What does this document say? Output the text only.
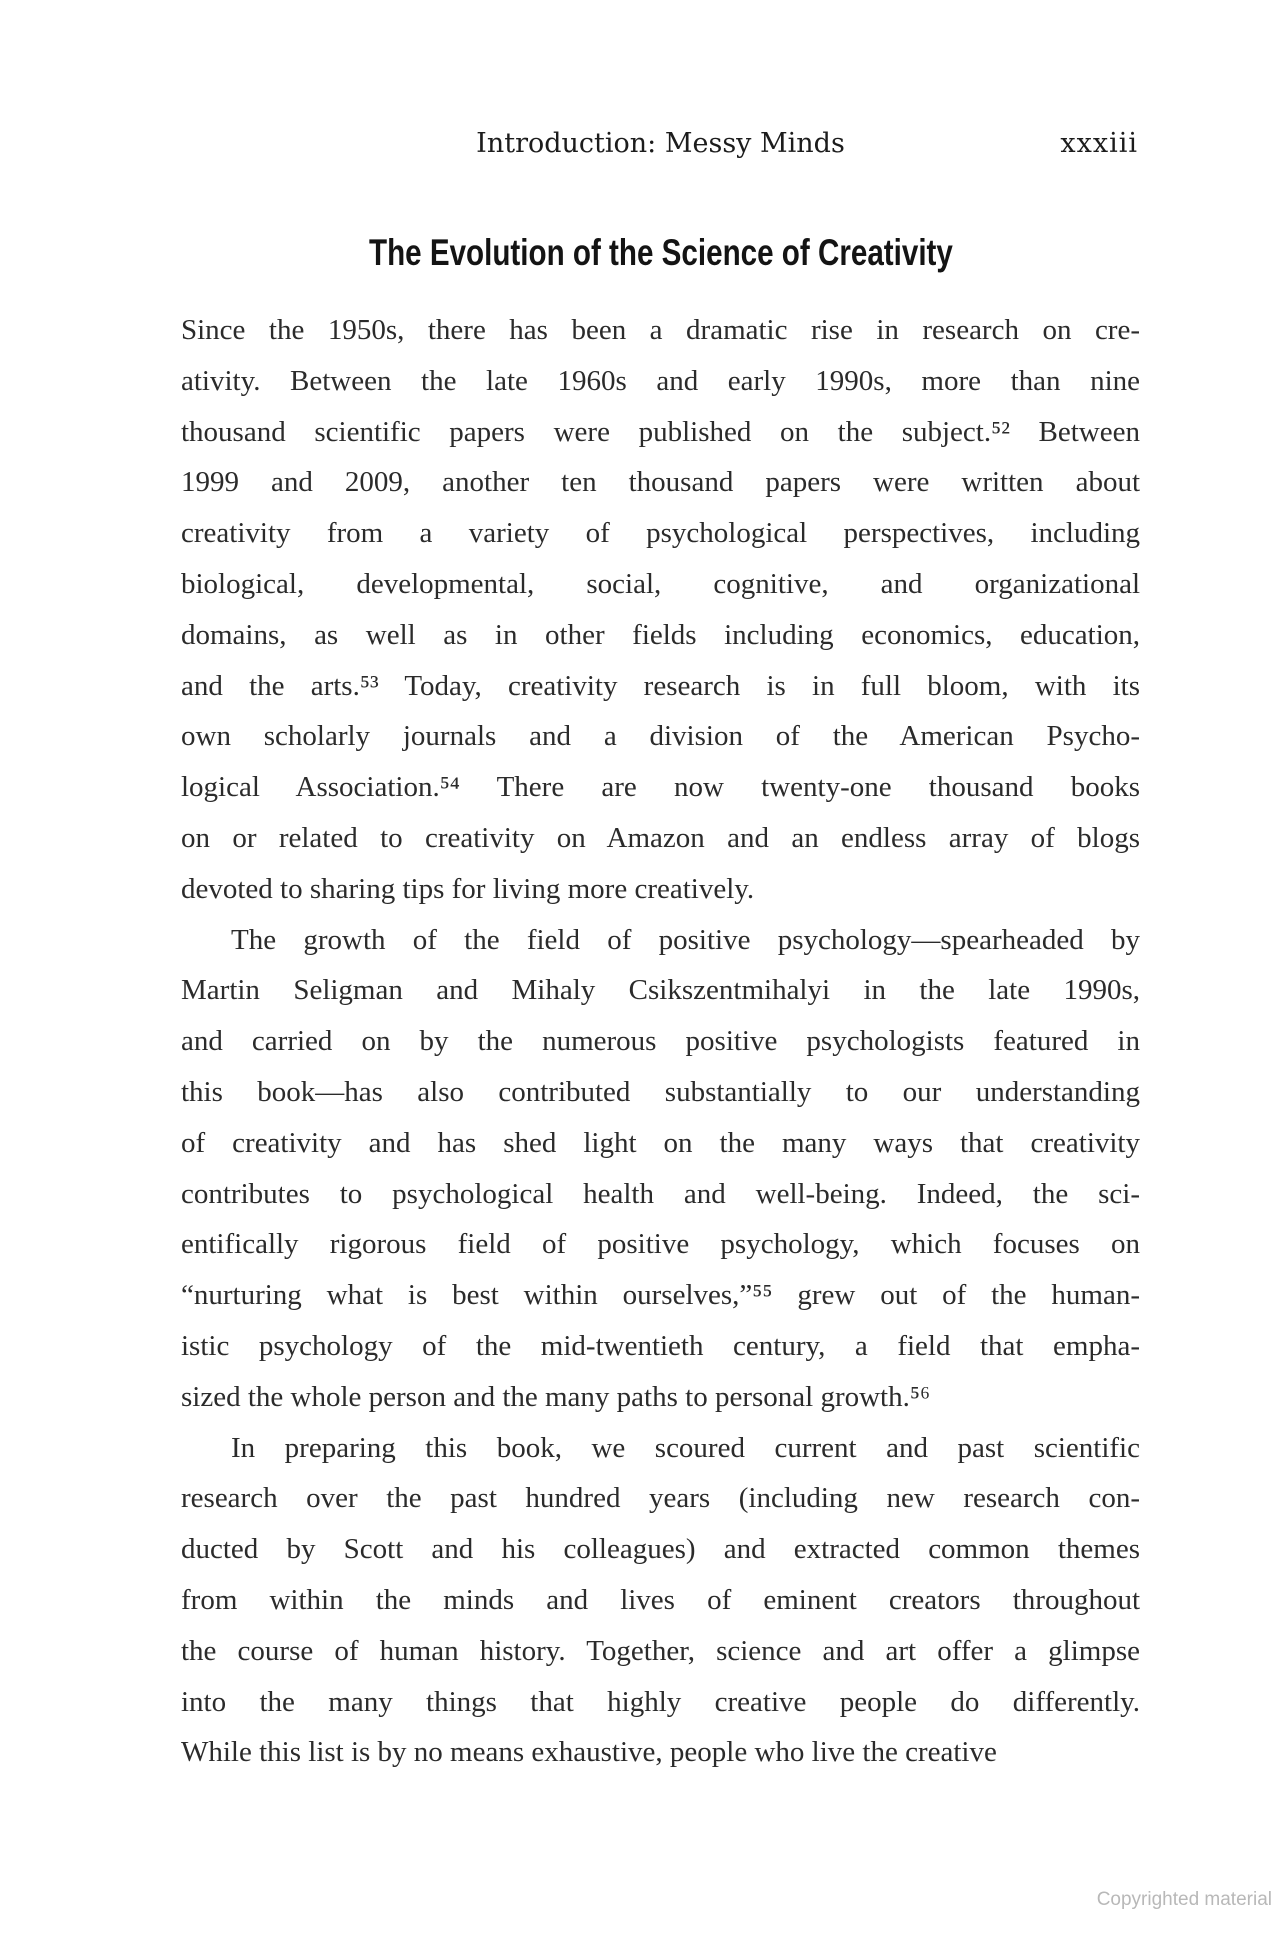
Introduction: Messy Minds	xxxiii
The Evolution of the Science of Creativity
Since the 1950s, there has been a dramatic rise in research on cre-
ativity. Between the late 1960s and early 1990s, more than nine
thousand scientific papers were published on the subject.⁵² Between
1999 and 2009, another ten thousand papers were written about
creativity from a variety of psychological perspectives, including
biological, developmental, social, cognitive, and organizational
domains, as well as in other fields including economics, education,
and the arts.⁵³ Today, creativity research is in full bloom, with its
own scholarly journals and a division of the American Psycho-
logical Association.⁵⁴ There are now twenty-one thousand books
on or related to creativity on Amazon and an endless array of blogs
devoted to sharing tips for living more creatively.
The growth of the field of positive psychology—spearheaded by
Martin Seligman and Mihaly Csikszentmihalyi in the late 1990s,
and carried on by the numerous positive psychologists featured in
this book—has also contributed substantially to our understanding
of creativity and has shed light on the many ways that creativity
contributes to psychological health and well-being. Indeed, the sci-
entifically rigorous field of positive psychology, which focuses on
“nurturing what is best within ourselves,”⁵⁵ grew out of the human-
istic psychology of the mid-twentieth century, a field that empha-
sized the whole person and the many paths to personal growth.⁵⁶
In preparing this book, we scoured current and past scientific
research over the past hundred years (including new research con-
ducted by Scott and his colleagues) and extracted common themes
from within the minds and lives of eminent creators throughout
the course of human history. Together, science and art offer a glimpse
into the many things that highly creative people do differently.
While this list is by no means exhaustive, people who live the creative
Copyrighted material
